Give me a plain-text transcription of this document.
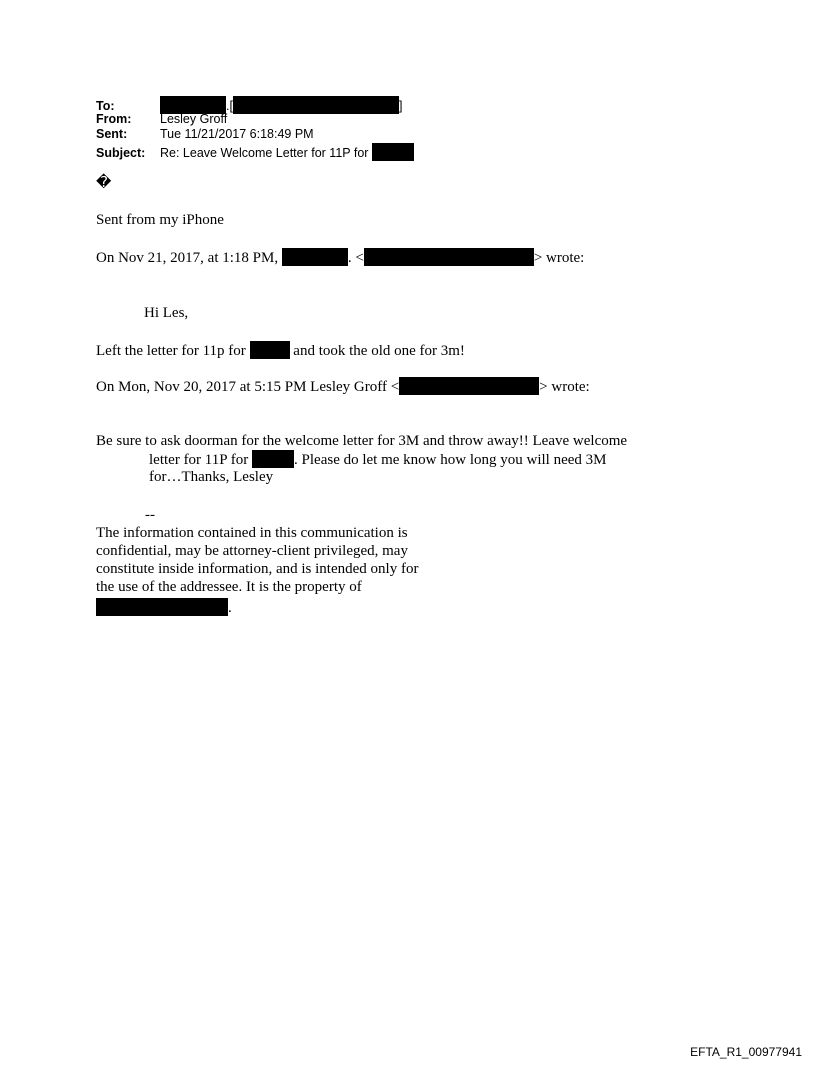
To:	.[	]
From: Lesley Groff
Sent:	Tue 11/21/2017 6:18:49 PM
Subject: Re: Leave Welcome Letter for 11P for
�
Sent from my iPhone
On Nov 21, 2017, at 1:18 PM,	. <	> wrote:
Hi Les,
Left the letter for 11p for	and took the old one for 3m!
On Mon, Nov 20, 2017 at 5:15 PM Lesley Groff <	> wrote:
Be sure to ask doorman for the welcome letter for 3M and throw away!! Leave welcome
letter for 11P for	. Please do let me know how long you will need 3M
for…Thanks, Lesley
--
The information contained in this communication is
confidential, may be attorney-client privileged, may
constitute inside information, and is intended only for
the use of the addressee. It is the property of
.
EFTA_R1_00977941
